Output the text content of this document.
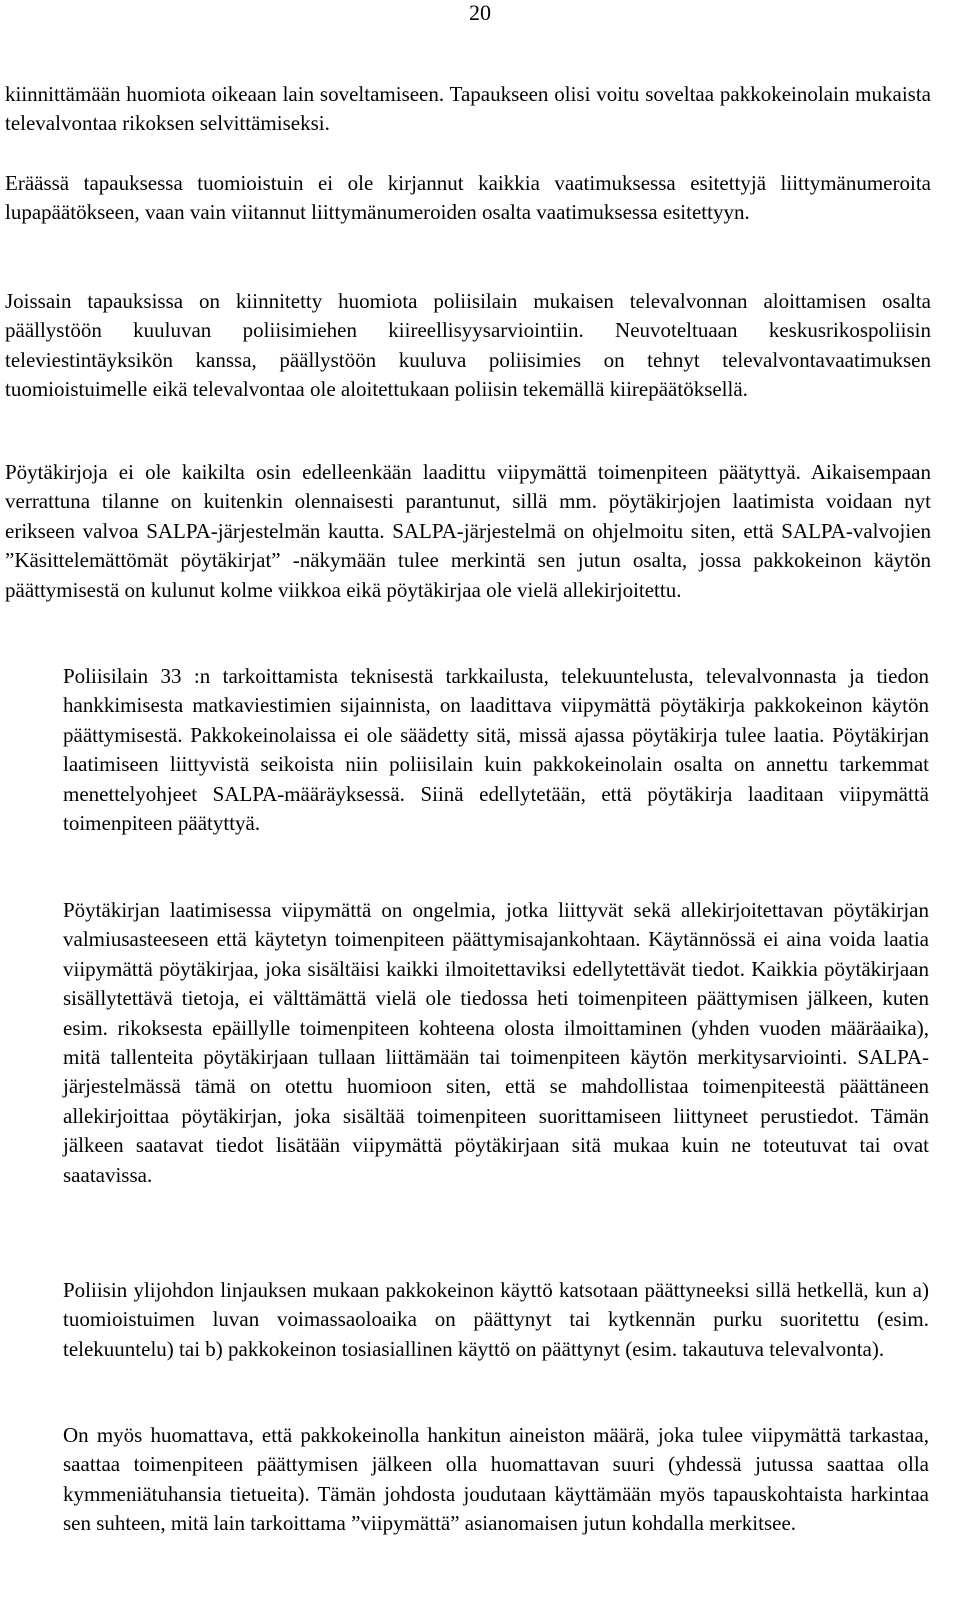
20

kiinnittämään huomiota oikeaan lain soveltamiseen. Tapaukseen olisi voitu soveltaa pakkokeinolain mukaista televalvontaa rikoksen selvittämiseksi.

Eräässä tapauksessa tuomioistuin ei ole kirjannut kaikkia vaatimuksessa esitettyjä liittymänumeroita lupapäätökseen, vaan vain viitannut liittymänumeroiden osalta vaatimuksessa esitettyyn.

Joissain tapauksissa on kiinnitetty huomiota poliisilain mukaisen televalvonnan aloittamisen osalta päällystöön kuuluvan poliisimiehen kiireellisyysarviointiin. Neuvoteltuaan keskusrikospoliisin televiestintäyksikön kanssa, päällystöön kuuluva poliisimies on tehnyt televalvontavaatimuksen tuomioistuimelle eikä televalvontaa ole aloitettukaan poliisin tekemällä kiirepäätöksellä.

Pöytäkirjoja ei ole kaikilta osin edelleenkään laadittu viipymättä toimenpiteen päätyttyä. Aikaisempaan verrattuna tilanne on kuitenkin olennaisesti parantunut, sillä mm. pöytäkirjojen laatimista voidaan nyt erikseen valvoa SALPA-järjestelmän kautta. SALPA-järjestelmä on ohjelmoitu siten, että SALPA-valvojien ”Käsittelemättömät pöytäkirjat” -näkymään tulee merkintä sen jutun osalta, jossa pakkokeinon käytön päättymisestä on kulunut kolme viikkoa eikä pöytäkirjaa ole vielä allekirjoitettu.

Poliisilain 33 :n tarkoittamista teknisestä tarkkailusta, telekuuntelusta, televalvonnasta ja tiedon hankkimisesta matkaviestimien sijainnista, on laadittava viipymättä pöytäkirja pakkokeinon käytön päättymisestä. Pakkokeinolaissa ei ole säädetty sitä, missä ajassa pöytäkirja tulee laatia. Pöytäkirjan laatimiseen liittyvistä seikoista niin poliisilain kuin pakkokeinolain osalta on annettu tarkemmat menettelyohjeet SALPA-määräyksessä. Siinä edellytetään, että pöytäkirja laaditaan viipymättä toimenpiteen päätyttyä.

Pöytäkirjan laatimisessa viipymättä on ongelmia, jotka liittyvät sekä allekirjoitettavan pöytäkirjan valmiusasteeseen että käytetyn toimenpiteen päättymisajankohtaan. Käytännössä ei aina voida laatia viipymättä pöytäkirjaa, joka sisältäisi kaikki ilmoitettaviksi edellytettävät tiedot. Kaikkia pöytäkirjaan sisällytettävä tietoja, ei välttämättä vielä ole tiedossa heti toimenpiteen päättymisen jälkeen, kuten esim. rikoksesta epäillylle toimenpiteen kohteena olosta ilmoittaminen (yhden vuoden määräaika), mitä tallenteita pöytäkirjaan tullaan liittämään tai toimenpiteen käytön merkitysarviointi. SALPA-järjestelmässä tämä on otettu huomioon siten, että se mahdollistaa toimenpiteestä päättäneen allekirjoittaa pöytäkirjan, joka sisältää toimenpiteen suorittamiseen liittyneet perustiedot. Tämän jälkeen saatavat tiedot lisätään viipymättä pöytäkirjaan sitä mukaa kuin ne toteutuvat tai ovat saatavissa.

Poliisin ylijohdon linjauksen mukaan pakkokeinon käyttö katsotaan päättyneeksi sillä hetkellä, kun a) tuomioistuimen luvan voimassaoloaika on päättynyt tai kytkennän purku suoritettu (esim. telekuuntelu) tai b) pakkokeinon tosiasiallinen käyttö on päättynyt (esim. takautuva televalvonta).

On myös huomattava, että pakkokeinolla hankitun aineiston määrä, joka tulee viipymättä tarkastaa, saattaa toimenpiteen päättymisen jälkeen olla huomattavan suuri (yhdessä jutussa saattaa olla kymmeniätuhansia tietueita). Tämän johdosta joudutaan käyttämään myös tapauskohtaista harkintaa sen suhteen, mitä lain tarkoittama ”viipymättä” asianomaisen jutun kohdalla merkitsee.
